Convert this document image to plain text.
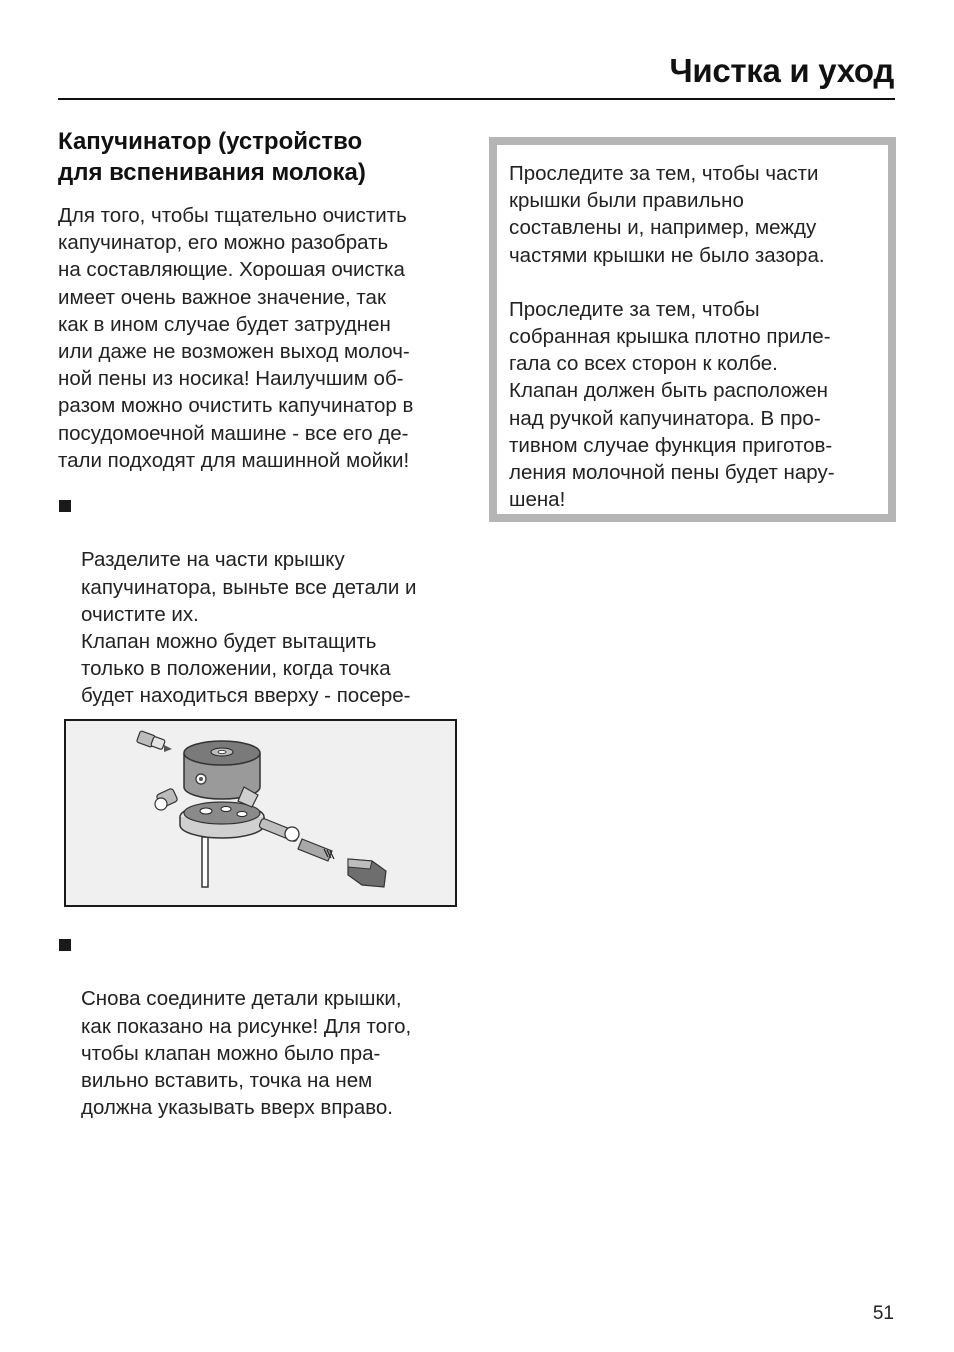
Чистка и уход
Капучинатор (устройство
для вспенивания молока)

Для того, чтобы тщательно очистить
капучинатор, его можно разобрать
на составляющие. Хорошая очистка
имеет очень важное значение, так
как в ином случае будет затруднен
или даже не возможен выход молоч-
ной пены из носика! Наилучшим об-
разом можно очистить капучинатор в
посудомоечной машине - все его де-
тали подходят для машинной мойки!

Разделите на части крышку
капучинатора, выньте все детали и
очистите их.
Клапан можно будет вытащить
только в положении, когда точка
будет находиться вверху - посере-

Снова соедините детали крышки,
как показано на рисунке! Для того,
чтобы клапан можно было пра-
вильно вставить, точка на нем
должна указывать вверх вправо.

Проследите за тем, чтобы части
крышки были правильно
составлены и, например, между
частями крышки не было зазора.

Проследите за тем, чтобы
собранная крышка плотно приле-
гала со всех сторон к колбе.
Клапан должен быть расположен
над ручкой капучинатора. В про-
тивном случае функция приготов-
ления молочной пены будет нару-
шена!

51
